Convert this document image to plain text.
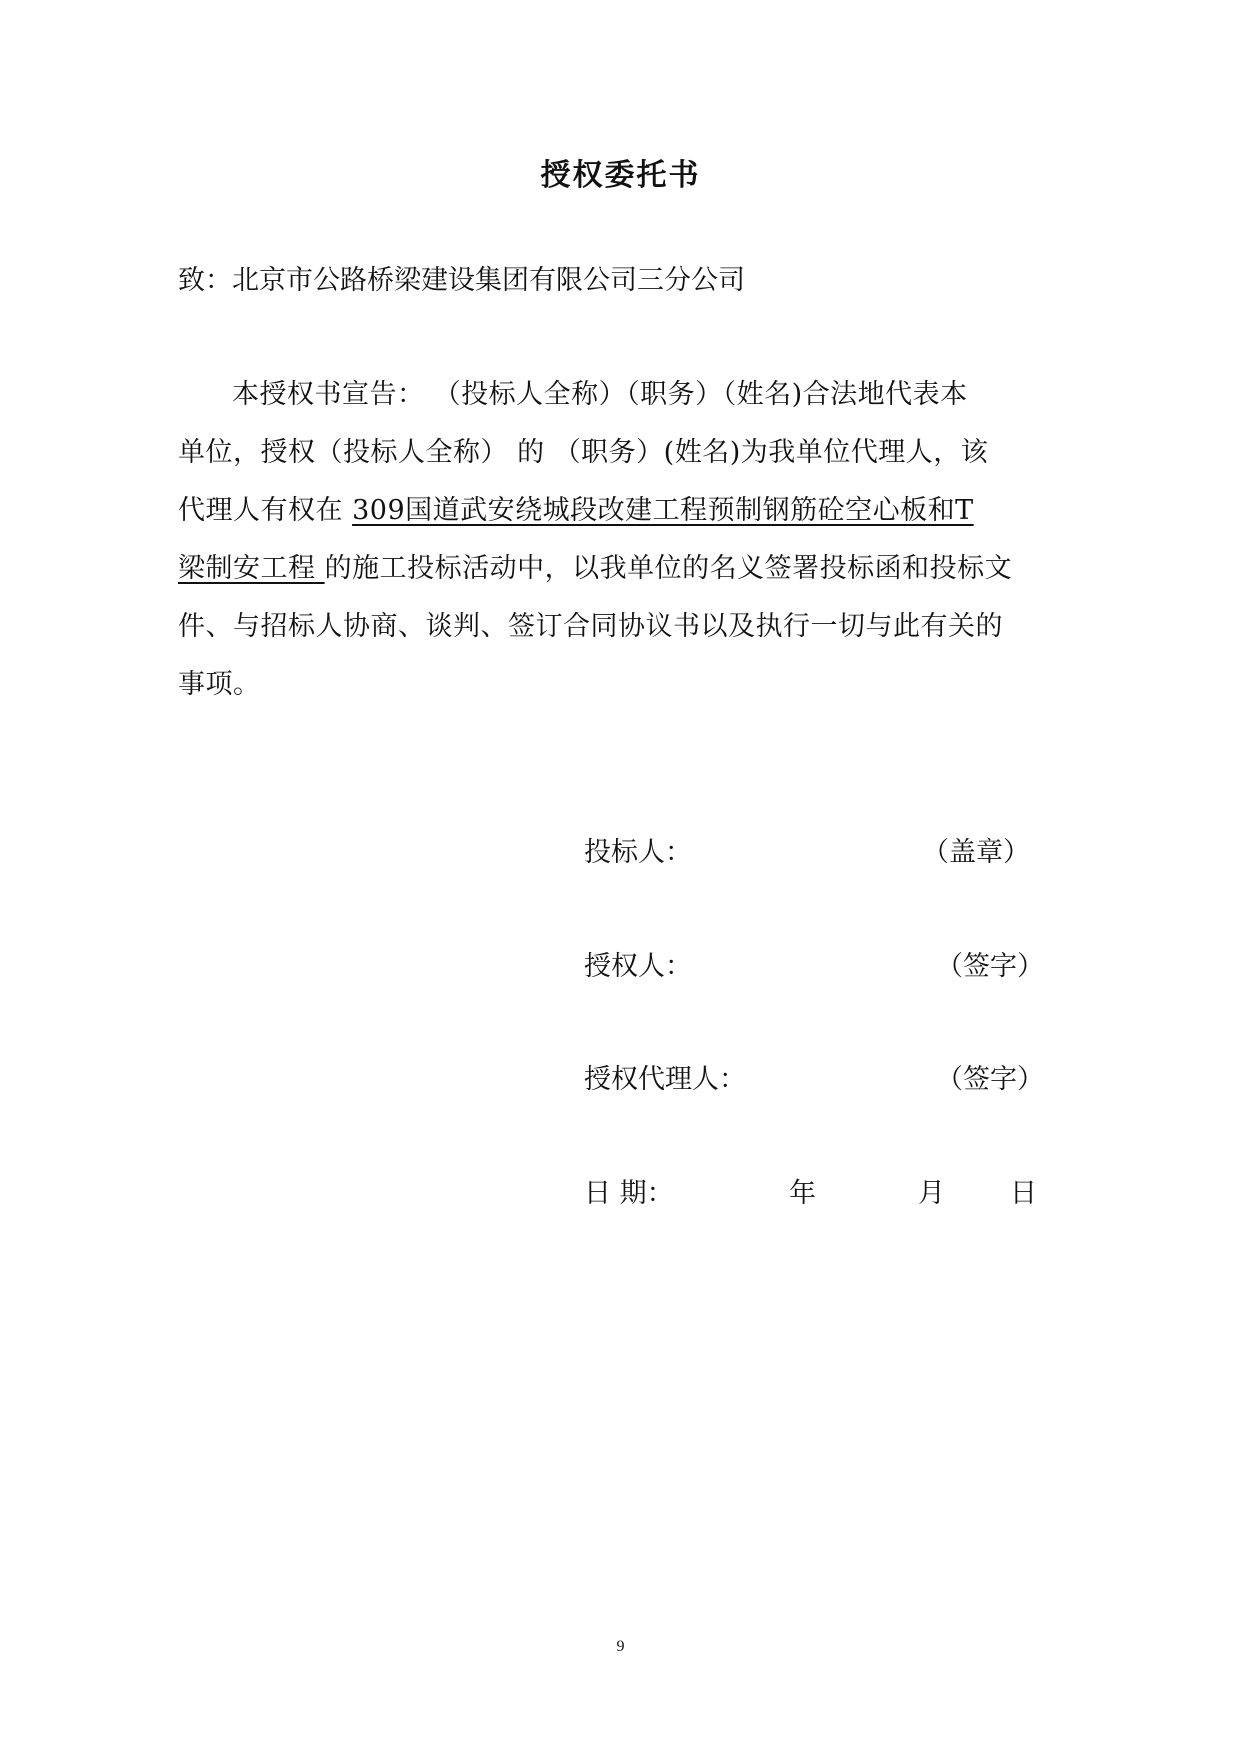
授权委托书
致：北京市公路桥梁建设集团有限公司三分公司
本授权书宣告： （投标人全称）（职务）（姓名)合法地代表本
单位，授权（投标人全称） 的 （职务）(姓名)为我单位代理人，该
代理人有权在 309国道武安绕城段改建工程预制钢筋砼空心板和T
梁制安工程 的施工投标活动中，以我单位的名义签署投标函和投标文
件、与招标人协商、谈判、签订合同协议书以及执行一切与此有关的
事项。
投标人：	（盖章）
授权人：	（签字）
授权代理人：	（签字）
日 期：	年	月 日
9
